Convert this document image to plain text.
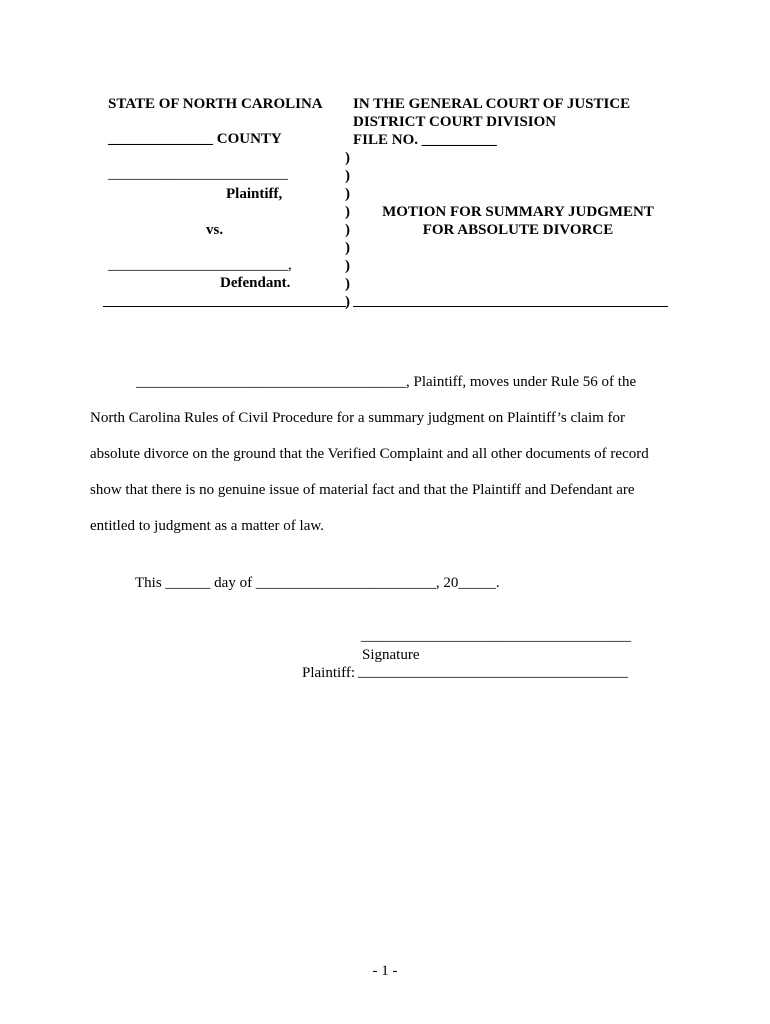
STATE OF NORTH CAROLINA
______________ COUNTY
________________________
Plaintiff,
vs.
________________________,
Defendant.
IN THE GENERAL COURT OF JUSTICE
DISTRICT COURT DIVISION
FILE NO. __________
)
)
)
)
)
)
)
)
)
MOTION FOR SUMMARY JUDGMENT
FOR ABSOLUTE DIVORCE
____________________________________, Plaintiff, moves under Rule 56 of the
North Carolina Rules of Civil Procedure for a summary judgment on Plaintiff’s claim for
absolute divorce on the ground that the Verified Complaint and all other documents of record
show that there is no genuine issue of material fact and that the Plaintiff and Defendant are
entitled to judgment as a matter of law.
This ______ day of ________________________, 20_____.
____________________________________
Signature
Plaintiff: ____________________________________
- 1 -
